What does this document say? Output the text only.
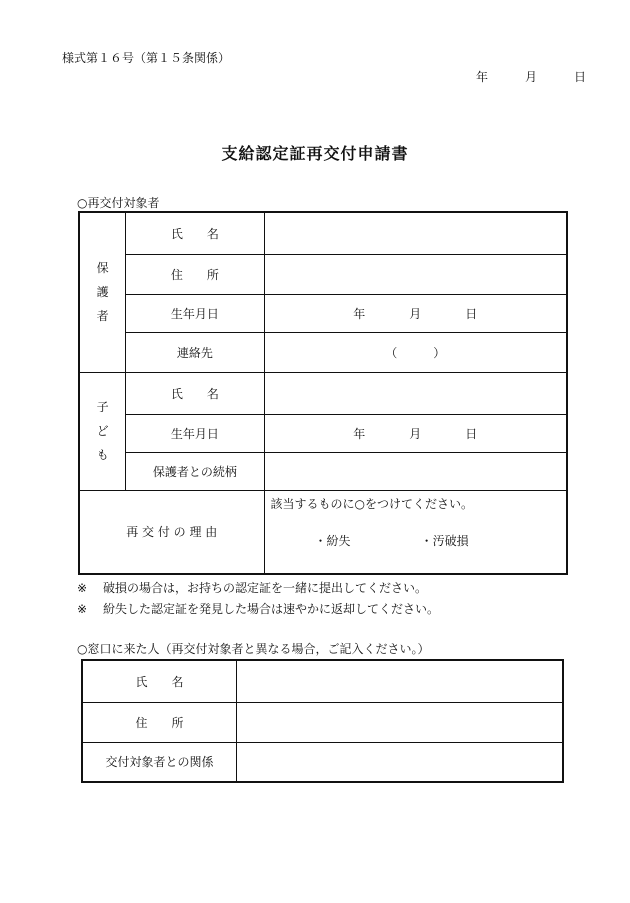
様式第１６号（第１５条関係）
年	月	日
支給認定証再交付申請書
○再交付対象者
保
護
者	氏　　名	
	住　　所	
	生年月日	年 月 日

	連絡先	（　　　）

子
ど
も	氏　　名	
	生年月日	年 月 日

	保護者との続柄	
再 交 付 の 理 由		該当するものに○をつけてください。
・紛失 ・汚破損
※ 破損の場合は，お持ちの認定証を一緒に提出してください。
※ 紛失した認定証を発見した場合は速やかに返却してください。
○窓口に来た人（再交付対象者と異なる場合，ご記入ください。）
氏　　名	
住　　所	
交付対象者との関係	
